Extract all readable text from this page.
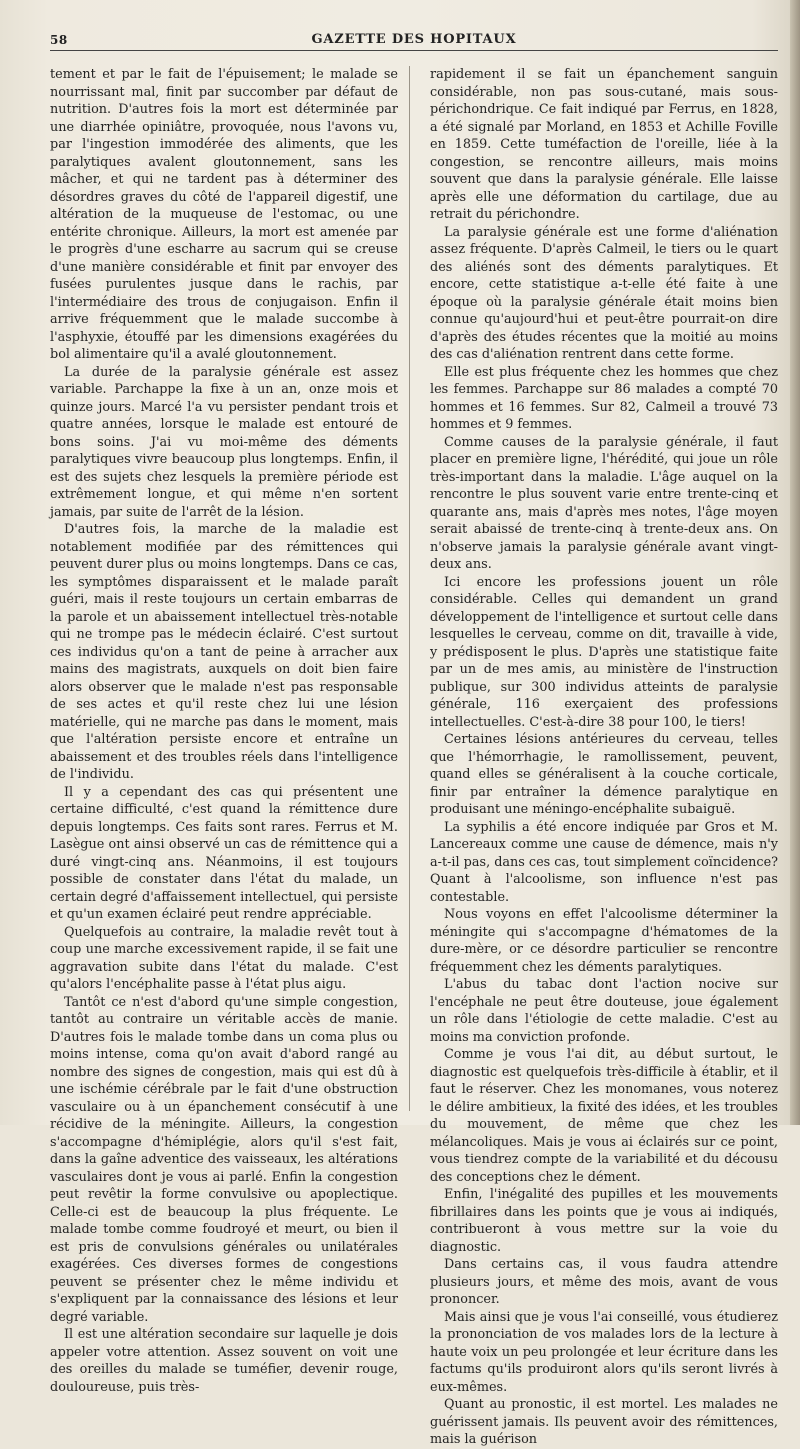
58	GAZETTE DES HOPITAUX

tement et par le fait de l'épuisement; le malade se nourrissant mal, finit par succomber par défaut de nutrition. D'autres fois la mort est déterminée par une diarrhée opiniâtre, provoquée, nous l'avons vu, par l'ingestion immodérée des aliments, que les paralytiques avalent gloutonnement, sans les mâcher, et qui ne tardent pas à déterminer des désordres graves du côté de l'appareil digestif, une altération de la muqueuse de l'estomac, ou une entérite chronique. Ailleurs, la mort est amenée par le progrès d'une escharre au sacrum qui se creuse d'une manière considérable et finit par envoyer des fusées purulentes jusque dans le rachis, par l'intermédiaire des trous de conjugaison. Enfin il arrive fréquemment que le malade succombe à l'asphyxie, étouffé par les dimensions exagérées du bol alimentaire qu'il a avalé gloutonnement.

La durée de la paralysie générale est assez variable. Parchappe la fixe à un an, onze mois et quinze jours. Marcé l'a vu persister pendant trois et quatre années, lorsque le malade est entouré de bons soins. J'ai vu moi-même des déments paralytiques vivre beaucoup plus longtemps. Enfin, il est des sujets chez lesquels la première période est extrêmement longue, et qui même n'en sortent jamais, par suite de l'arrêt de la lésion.

D'autres fois, la marche de la maladie est notablement modifiée par des rémittences qui peuvent durer plus ou moins longtemps. Dans ce cas, les symptômes disparaissent et le malade paraît guéri, mais il reste toujours un certain embarras de la parole et un abaissement intellectuel très-notable qui ne trompe pas le médecin éclairé. C'est surtout ces individus qu'on a tant de peine à arracher aux mains des magistrats, auxquels on doit bien faire alors observer que le malade n'est pas responsable de ses actes et qu'il reste chez lui une lésion matérielle, qui ne marche pas dans le moment, mais que l'altération persiste encore et entraîne un abaissement et des troubles réels dans l'intelligence de l'individu.

Il y a cependant des cas qui présentent une certaine difficulté, c'est quand la rémittence dure depuis longtemps. Ces faits sont rares. Ferrus et M. Lasègue ont ainsi observé un cas de rémittence qui a duré vingt-cinq ans. Néanmoins, il est toujours possible de constater dans l'état du malade, un certain degré d'affaissement intellectuel, qui persiste et qu'un examen éclairé peut rendre appréciable.

Quelquefois au contraire, la maladie revêt tout à coup une marche excessivement rapide, il se fait une aggravation subite dans l'état du malade. C'est qu'alors l'encéphalite passe à l'état plus aigu.

Tantôt ce n'est d'abord qu'une simple congestion, tantôt au contraire un véritable accès de manie. D'autres fois le malade tombe dans un coma plus ou moins intense, coma qu'on avait d'abord rangé au nombre des signes de congestion, mais qui est dû à une ischémie cérébrale par le fait d'une obstruction vasculaire ou à un épanchement consécutif à une récidive de la méningite. Ailleurs, la congestion s'accompagne d'hémiplégie, alors qu'il s'est fait, dans la gaîne adventice des vaisseaux, les altérations vasculaires dont je vous ai parlé. Enfin la congestion peut revêtir la forme convulsive ou apoplectique. Celle-ci est de beaucoup la plus fréquente. Le malade tombe comme foudroyé et meurt, ou bien il est pris de convulsions générales ou unilatérales exagérées. Ces diverses formes de congestions peuvent se présenter chez le même individu et s'expliquent par la connaissance des lésions et leur degré variable.

Il est une altération secondaire sur laquelle je dois appeler votre attention. Assez souvent on voit une des oreilles du malade se tuméfier, devenir rouge, douloureuse, puis très-

rapidement il se fait un épanchement sanguin considérable, non pas sous-cutané, mais sous-périchondrique. Ce fait indiqué par Ferrus, en 1828, a été signalé par Morland, en 1853 et Achille Foville en 1859. Cette tuméfaction de l'oreille, liée à la congestion, se rencontre ailleurs, mais moins souvent que dans la paralysie générale. Elle laisse après elle une déformation du cartilage, due au retrait du périchondre.

La paralysie générale est une forme d'aliénation assez fréquente. D'après Calmeil, le tiers ou le quart des aliénés sont des déments paralytiques. Et encore, cette statistique a-t-elle été faite à une époque où la paralysie générale était moins bien connue qu'aujourd'hui et peut-être pourrait-on dire d'après des études récentes que la moitié au moins des cas d'aliénation rentrent dans cette forme.

Elle est plus fréquente chez les hommes que chez les femmes. Parchappe sur 86 malades a compté 70 hommes et 16 femmes. Sur 82, Calmeil a trouvé 73 hommes et 9 femmes.

Comme causes de la paralysie générale, il faut placer en première ligne, l'hérédité, qui joue un rôle très-important dans la maladie. L'âge auquel on la rencontre le plus souvent varie entre trente-cinq et quarante ans, mais d'après mes notes, l'âge moyen serait abaissé de trente-cinq à trente-deux ans. On n'observe jamais la paralysie générale avant vingt-deux ans.

Ici encore les professions jouent un rôle considérable. Celles qui demandent un grand développement de l'intelligence et surtout celle dans lesquelles le cerveau, comme on dit, travaille à vide, y prédisposent le plus. D'après une statistique faite par un de mes amis, au ministère de l'instruction publique, sur 300 individus atteints de paralysie générale, 116 exerçaient des professions intellectuelles. C'est-à-dire 38 pour 100, le tiers!

Certaines lésions antérieures du cerveau, telles que l'hémorrhagie, le ramollissement, peuvent, quand elles se généralisent à la couche corticale, finir par entraîner la démence paralytique en produisant une méningo-encéphalite subaiguë.

La syphilis a été encore indiquée par Gros et M. Lancereaux comme une cause de démence, mais n'y a-t-il pas, dans ces cas, tout simplement coïncidence? Quant à l'alcoolisme, son influence n'est pas contestable.

Nous voyons en effet l'alcoolisme déterminer la méningite qui s'accompagne d'hématomes de la dure-mère, or ce désordre particulier se rencontre fréquemment chez les déments paralytiques.

L'abus du tabac dont l'action nocive sur l'encéphale ne peut être douteuse, joue également un rôle dans l'étiologie de cette maladie. C'est au moins ma conviction profonde.

Comme je vous l'ai dit, au début surtout, le diagnostic est quelquefois très-difficile à établir, et il faut le réserver. Chez les monomanes, vous noterez le délire ambitieux, la fixité des idées, et les troubles du mouvement, de même que chez les mélancoliques. Mais je vous ai éclairés sur ce point, vous tiendrez compte de la variabilité et du décousu des conceptions chez le dément.

Enfin, l'inégalité des pupilles et les mouvements fibrillaires dans les points que je vous ai indiqués, contribueront à vous mettre sur la voie du diagnostic.

Dans certains cas, il vous faudra attendre plusieurs jours, et même des mois, avant de vous prononcer.

Mais ainsi que je vous l'ai conseillé, vous étudierez la prononciation de vos malades lors de la lecture à haute voix un peu prolongée et leur écriture dans les factums qu'ils produiront alors qu'ils seront livrés à eux-mêmes.

Quant au pronostic, il est mortel. Les malades ne guérissent jamais. Ils peuvent avoir des rémittences, mais la guérison
